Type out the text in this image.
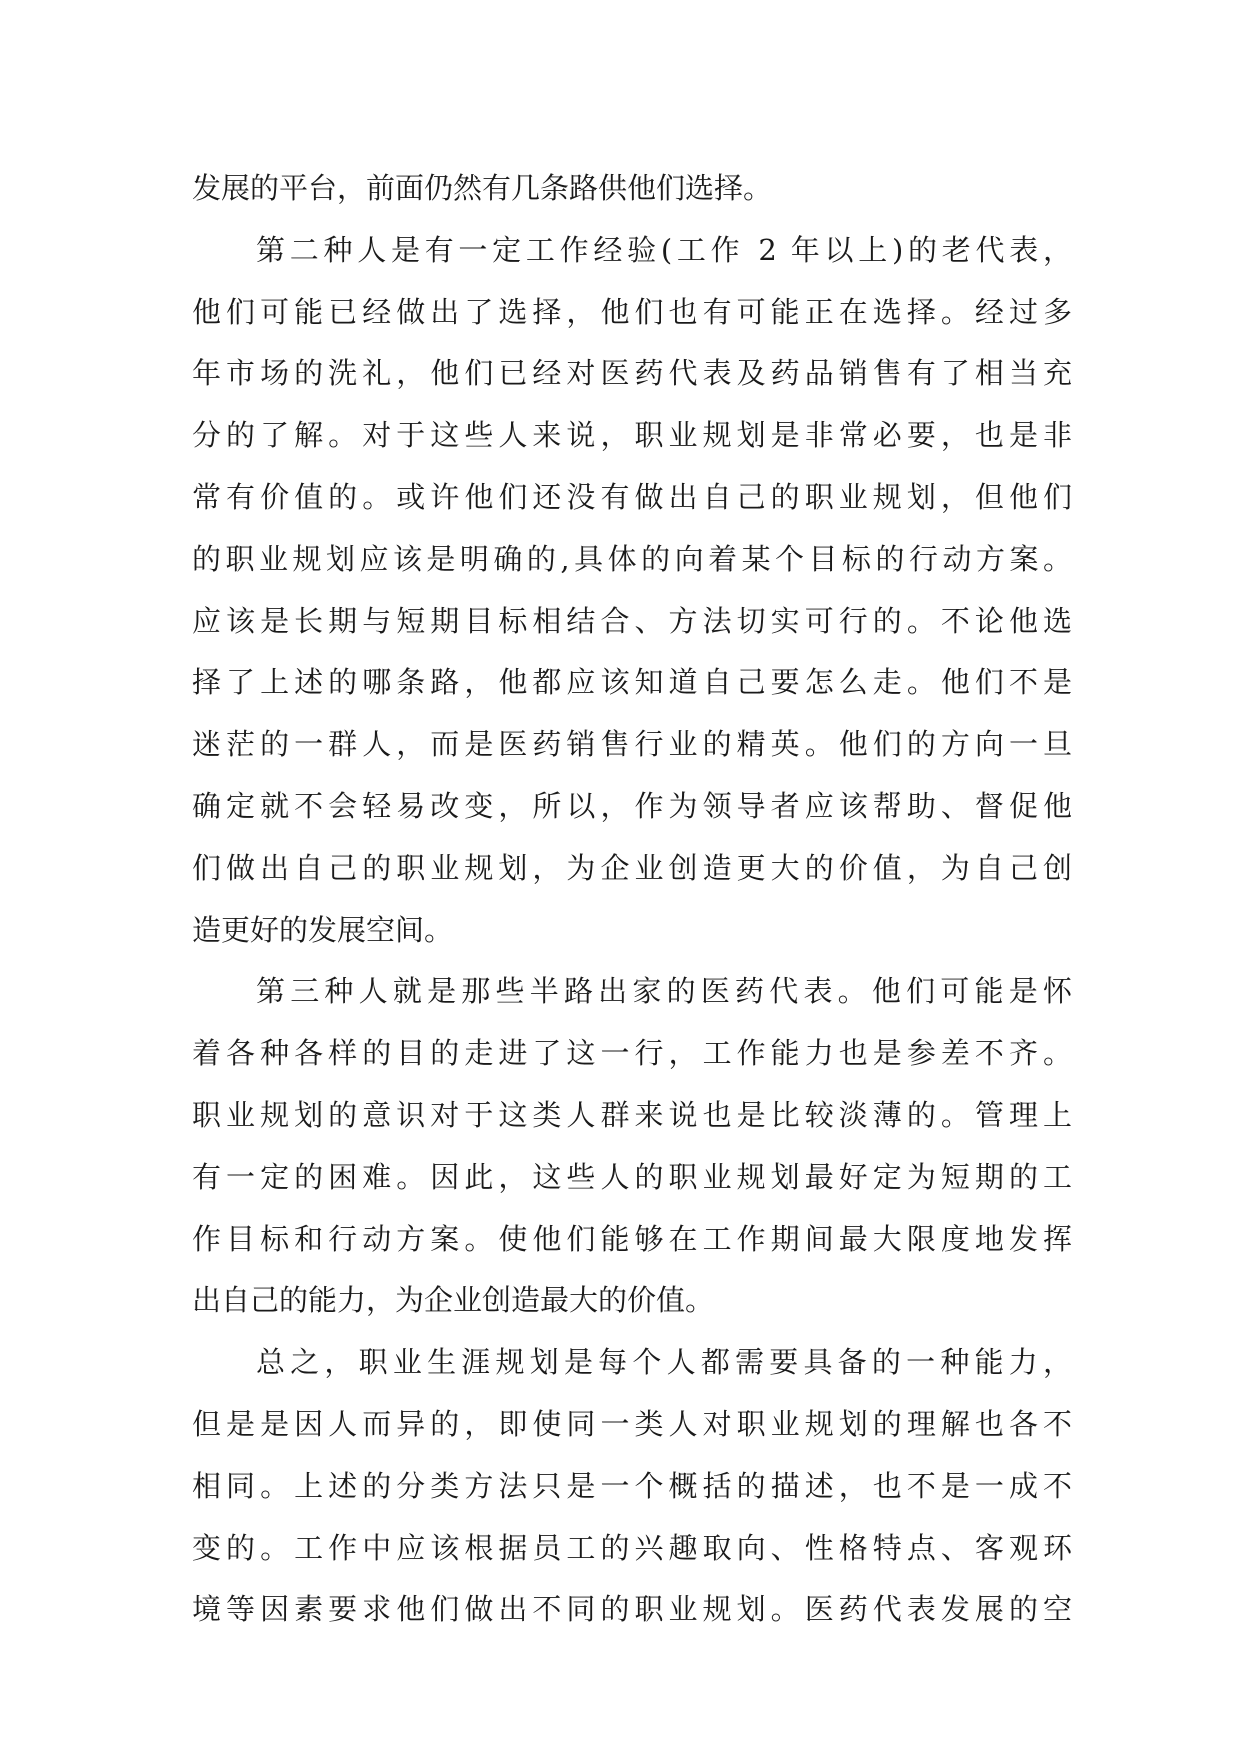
发展的平台，前面仍然有几条路供他们选择。
第二种人是有一定工作经验(工作 2 年以上)的老代表，
他们可能已经做出了选择，他们也有可能正在选择。经过多
年市场的洗礼，他们已经对医药代表及药品销售有了相当充
分的了解。对于这些人来说，职业规划是非常必要，也是非
常有价值的。或许他们还没有做出自己的职业规划，但他们
的职业规划应该是明确的,具体的向着某个目标的行动方案。
应该是长期与短期目标相结合、方法切实可行的。不论他选
择了上述的哪条路，他都应该知道自己要怎么走。他们不是
迷茫的一群人，而是医药销售行业的精英。他们的方向一旦
确定就不会轻易改变，所以，作为领导者应该帮助、督促他
们做出自己的职业规划，为企业创造更大的价值，为自己创
造更好的发展空间。
第三种人就是那些半路出家的医药代表。他们可能是怀
着各种各样的目的走进了这一行，工作能力也是参差不齐。
职业规划的意识对于这类人群来说也是比较淡薄的。管理上
有一定的困难。因此，这些人的职业规划最好定为短期的工
作目标和行动方案。使他们能够在工作期间最大限度地发挥
出自己的能力，为企业创造最大的价值。
总之，职业生涯规划是每个人都需要具备的一种能力，
但是是因人而异的，即使同一类人对职业规划的理解也各不
相同。上述的分类方法只是一个概括的描述，也不是一成不
变的。工作中应该根据员工的兴趣取向、性格特点、客观环
境等因素要求他们做出不同的职业规划。医药代表发展的空
